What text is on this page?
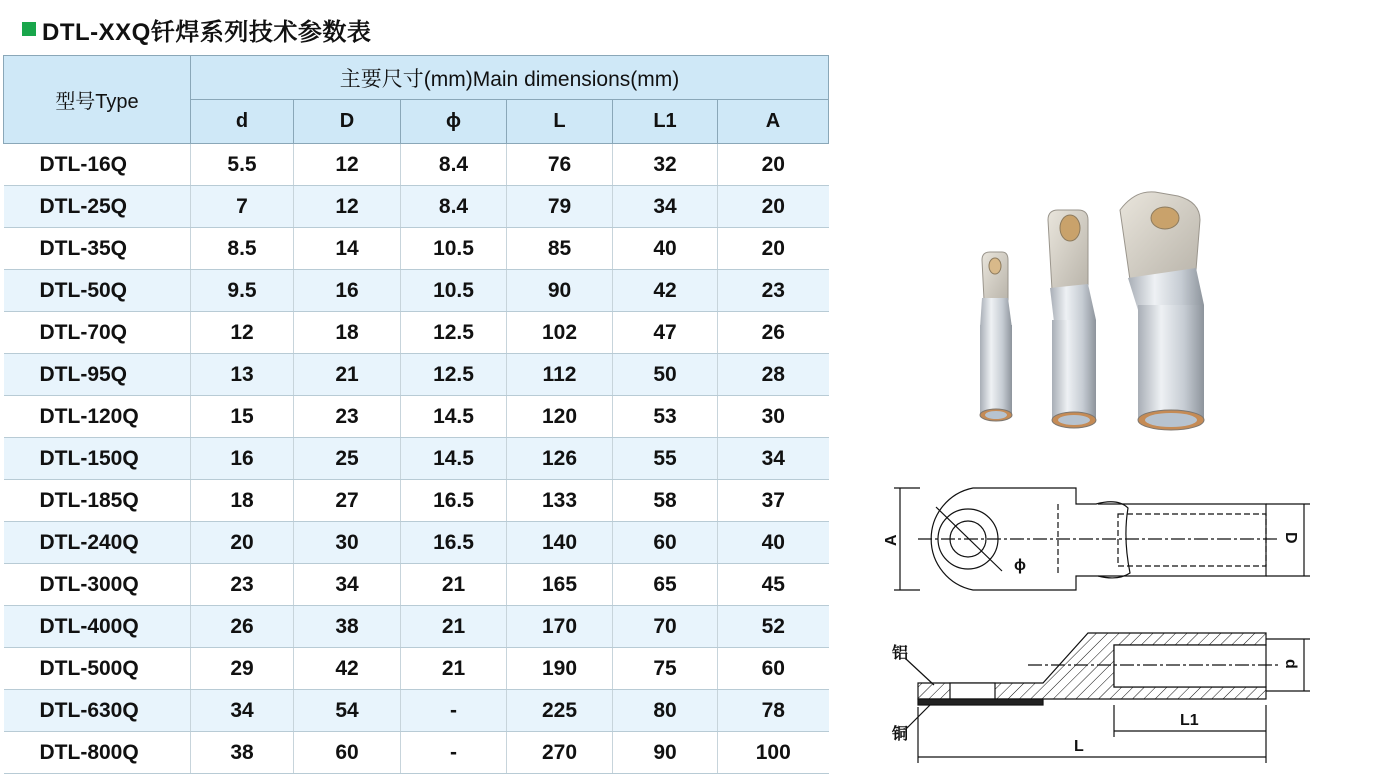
DTL-XXQ钎焊系列技术参数表
型号Type	主要尺寸(mm)Main dimensions(mm)					
	d	D	ϕ	L	L1	A
DTL-16Q	5.5	12	8.4	76	32	20
DTL-25Q	7	12	8.4	79	34	20
DTL-35Q	8.5	14	10.5	85	40	20
DTL-50Q	9.5	16	10.5	90	42	23
DTL-70Q	12	18	12.5	102	47	26
DTL-95Q	13	21	12.5	112	50	28
DTL-120Q	15	23	14.5	120	53	30
DTL-150Q	16	25	14.5	126	55	34
DTL-185Q	18	27	16.5	133	58	37
DTL-240Q	20	30	16.5	140	60	40
DTL-300Q	23	34	21	165	65	45
DTL-400Q	26	38	21	170	70	52
DTL-500Q	29	42	21	190	75	60
DTL-630Q	34	54	-	225	80	78
DTL-800Q	38	60	-	270	90	100
A
ϕ
D
铝
铜
d
L1
L
